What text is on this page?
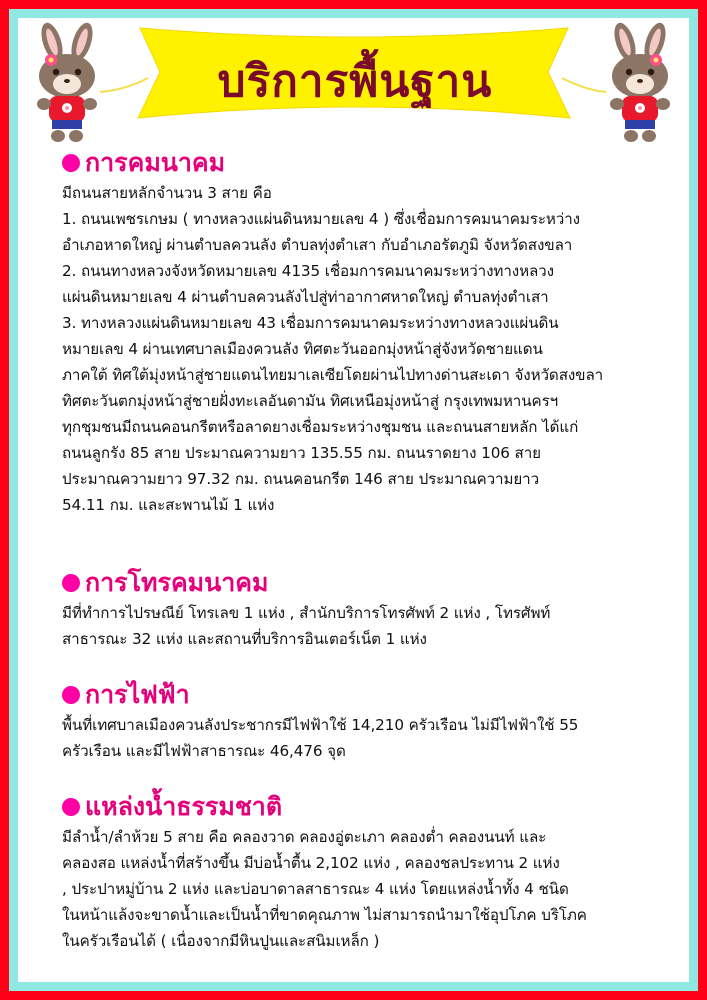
บริการพื้นฐาน
การคมนาคม

มีถนนสายหลักจำนวน 3 สาย คือ

1. ถนนเพชรเกษม ( ทางหลวงแผ่นดินหมายเลข 4 ) ซึ่งเชื่อมการคมนาคมระหว่าง

อำเภอหาดใหญ่ ผ่านตำบลควนลัง ตำบลทุ่งตำเสา กับอำเภอรัตภูมิ จังหวัดสงขลา

2. ถนนทางหลวงจังหวัดหมายเลข 4135 เชื่อมการคมนาคมระหว่างทางหลวง

แผ่นดินหมายเลข 4 ผ่านตำบลควนลังไปสู่ท่าอากาศหาดใหญ่ ตำบลทุ่งตำเสา

3. ทางหลวงแผ่นดินหมายเลข 43 เชื่อมการคมนาคมระหว่างทางหลวงแผ่นดิน

หมายเลข 4 ผ่านเทศบาลเมืองควนลัง ทิศตะวันออกมุ่งหน้าสู่จังหวัดชายแดน

ภาคใต้ ทิศใต้มุ่งหน้าสู่ชายแดนไทยมาเลเซียโดยผ่านไปทางด่านสะเดา จังหวัดสงขลา

ทิศตะวันตกมุ่งหน้าสู่ชายฝั่งทะเลอันดามัน ทิศเหนือมุ่งหน้าสู่ กรุงเทพมหานครฯ

ทุกชุมชนมีถนนคอนกรีตหรือลาดยางเชื่อมระหว่างชุมชน และถนนสายหลัก ได้แก่

ถนนลูกรัง 85 สาย ประมาณความยาว 135.55 กม. ถนนราดยาง 106 สาย

ประมาณความยาว 97.32 กม. ถนนคอนกรีต 146 สาย ประมาณความยาว

54.11 กม. และสะพานไม้ 1 แห่ง

การโทรคมนาคม

มีที่ทำการไปรษณีย์ โทรเลข 1 แห่ง , สำนักบริการโทรศัพท์ 2 แห่ง , โทรศัพท์

สาธารณะ 32 แห่ง และสถานที่บริการอินเตอร์เน็ต 1 แห่ง

การไฟฟ้า

พื้นที่เทศบาลเมืองควนลังประชากรมีไฟฟ้าใช้ 14,210 ครัวเรือน ไม่มีไฟฟ้าใช้ 55

ครัวเรือน และมีไฟฟ้าสาธารณะ 46,476 จุด

แหล่งน้ำธรรมชาติ

มีลำน้ำ/ลำห้วย 5 สาย คือ คลองวาด คลองอู่ตะเภา คลองต่ำ คลองนนท์ และ

คลองสอ แหล่งน้ำที่สร้างขึ้น มีบ่อน้ำตื้น 2,102 แห่ง , คลองชลประทาน 2 แห่ง

, ประปาหมู่บ้าน 2 แห่ง และบ่อบาดาลสาธารณะ 4 แห่ง โดยแหล่งน้ำทั้ง 4 ชนิด

ในหน้าแล้งจะขาดน้ำและเป็นน้ำที่ขาดคุณภาพ ไม่สามารถนำมาใช้อุปโภค บริโภค

ในครัวเรือนได้ ( เนื่องจากมีหินปูนและสนิมเหล็ก )
